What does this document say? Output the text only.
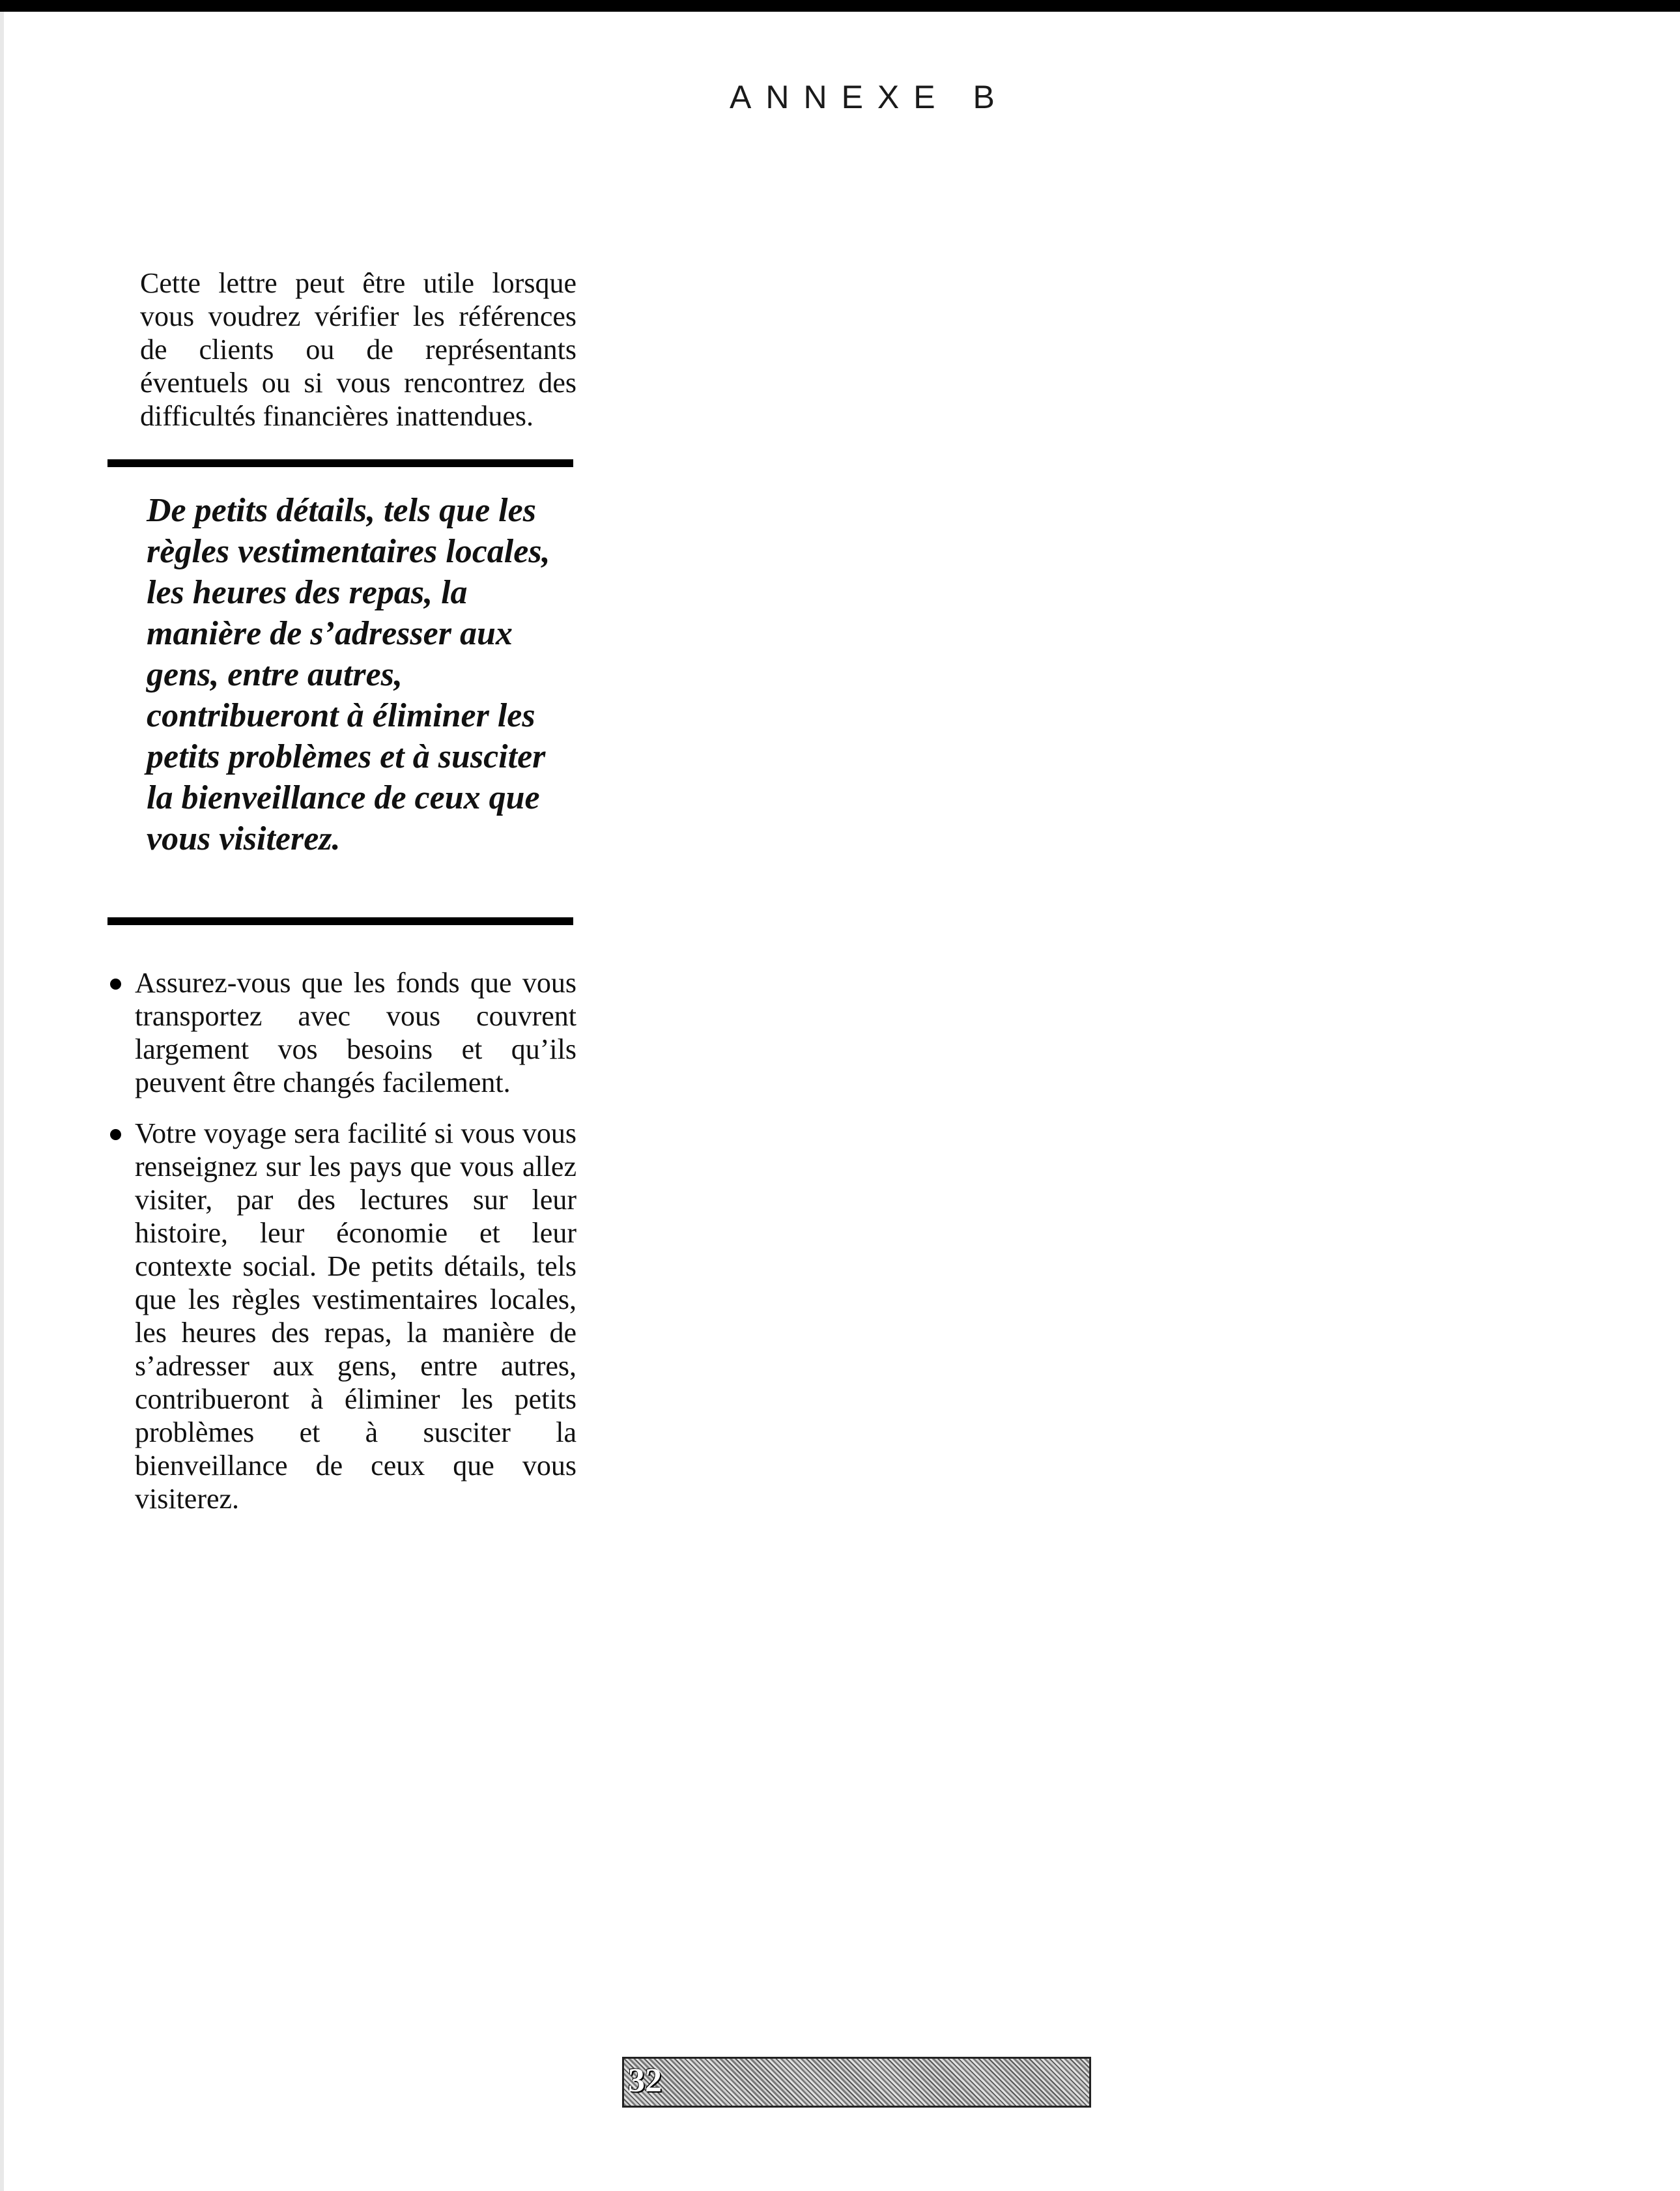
ANNEXE B

Cette lettre peut être utile lorsque vous voudrez vérifier les références de clients ou de représentants éventuels ou si vous rencontrez des difficultés financières inattendues.

De petits détails, tels que les règles vestimentaires locales, les heures des repas, la manière de s’adresser aux gens, entre autres, contribueront à éliminer les petits problèmes et à susciter la bienveillance de ceux que vous visiterez.
Assurez-vous que les fonds que vous transportez avec vous couvrent largement vos besoins et qu’ils peuvent être changés facilement.
Votre voyage sera facilité si vous vous renseignez sur les pays que vous allez visiter, par des lectures sur leur histoire, leur économie et leur contexte social. De petits détails, tels que les règles vestimentaires locales, les heures des repas, la manière de s’adresser aux gens, entre autres, contribueront à éliminer les petits problèmes et à susciter la bienveillance de ceux que vous visiterez.
32
